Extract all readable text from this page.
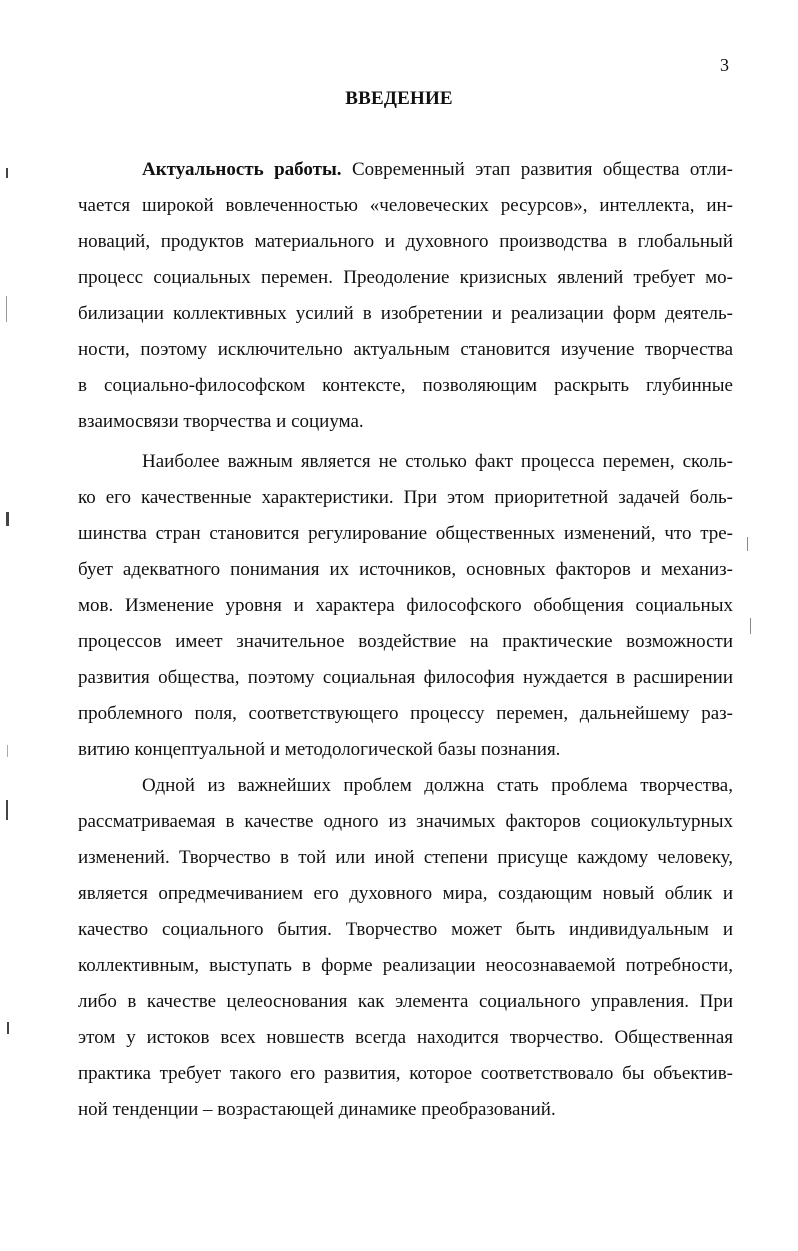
3
ВВЕДЕНИЕ
Актуальность работы. Современный этап развития общества отли-
чается широкой вовлеченностью «человеческих ресурсов», интеллекта, ин-
новаций, продуктов материального и духовного производства в глобальный
процесс социальных перемен. Преодоление кризисных явлений требует мо-
билизации коллективных усилий в изобретении и реализации форм деятель-
ности, поэтому исключительно актуальным становится изучение творчества
в социально-философском контексте, позволяющим раскрыть глубинные
взаимосвязи творчества и социума.
Наиболее важным является не столько факт процесса перемен, сколь-
ко его качественные характеристики. При этом приоритетной задачей боль-
шинства стран становится регулирование общественных изменений, что тре-
бует адекватного понимания их источников, основных факторов и механиз-
мов. Изменение уровня и характера философского обобщения социальных
процессов имеет значительное воздействие на практические возможности
развития общества, поэтому социальная философия нуждается в расширении
проблемного поля, соответствующего процессу перемен, дальнейшему раз-
витию концептуальной и методологической базы познания.
Одной из важнейших проблем должна стать проблема творчества,
рассматриваемая в качестве одного из значимых факторов социокультурных
изменений. Творчество в той или иной степени присуще каждому человеку,
является опредмечиванием его духовного мира, создающим новый облик и
качество социального бытия. Творчество может быть индивидуальным и
коллективным, выступать в форме реализации неосознаваемой потребности,
либо в качестве целеоснования как элемента социального управления. При
этом у истоков всех новшеств всегда находится творчество. Общественная
практика требует такого его развития, которое соответствовало бы объектив-
ной тенденции – возрастающей динамике преобразований.
